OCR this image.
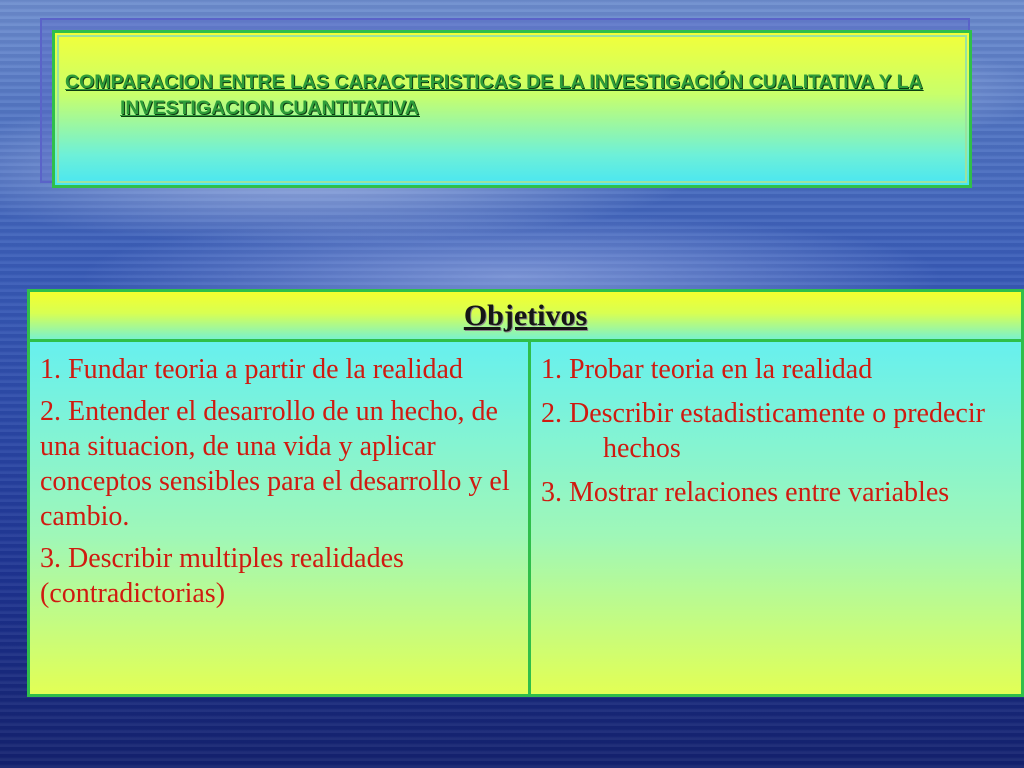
COMPARACION ENTRE LAS CARACTERISTICAS DE LA INVESTIGACIÓN CUALITATIVA Y LA INVESTIGACION CUANTITATIVA

Objetivos

1. Fundar teoria a partir de la realidad

2. Entender el desarrollo de un hecho, de una situacion, de una vida y aplicar conceptos sensibles para el desarrollo y el cambio.

3. Describir multiples realidades (contradictorias)

1. Probar teoria en la realidad

2. Describir estadisticamente o predecir hechos

3. Mostrar relaciones entre variables
